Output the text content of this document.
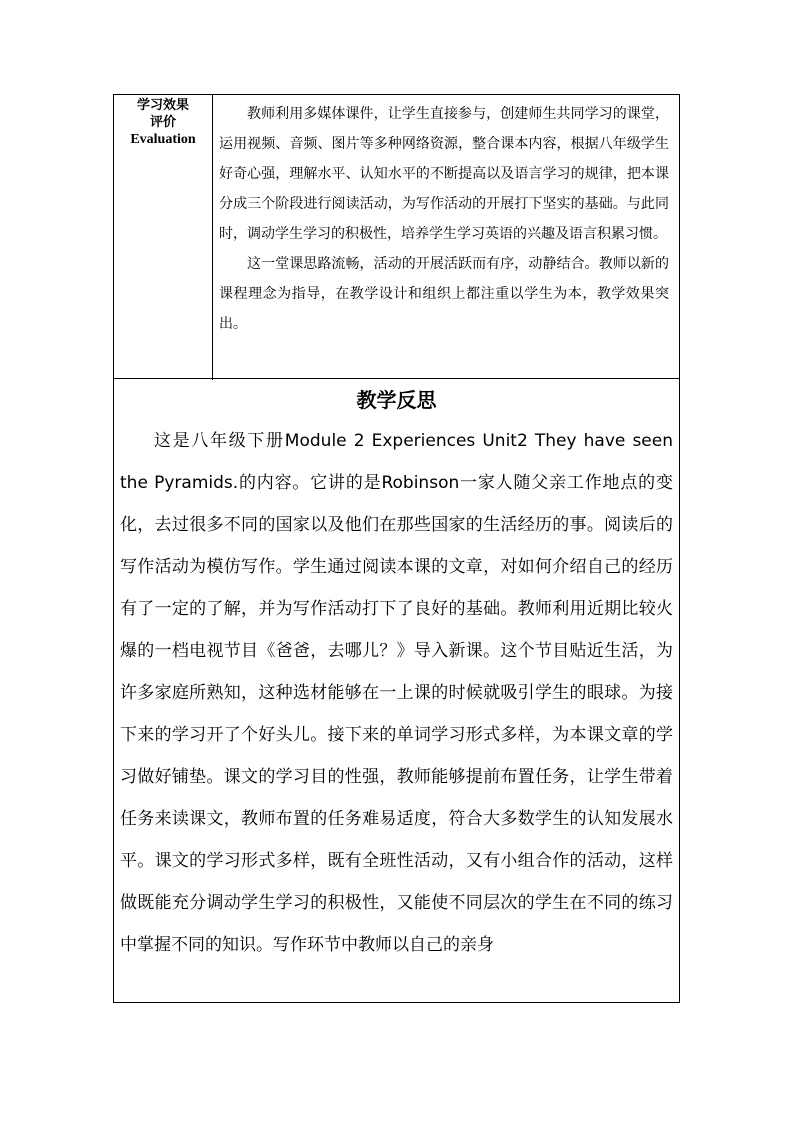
学习效果
评价
Evaluation

教师利用多媒体课件，让学生直接参与，创建师生共同学习的课堂，运用视频、音频、图片等多种网络资源，整合课本内容，根据八年级学生好奇心强，理解水平、认知水平的不断提高以及语言学习的规律，把本课分成三个阶段进行阅读活动，为写作活动的开展打下坚实的基础。与此同时，调动学生学习的积极性，培养学生学习英语的兴趣及语言积累习惯。

这一堂课思路流畅，活动的开展活跃而有序，动静结合。教师以新的课程理念为指导，在教学设计和组织上都注重以学生为本，教学效果突出。

教学反思

这是八年级下册Module 2 Experiences Unit2 They have seen the Pyramids.的内容。它讲的是Robinson一家人随父亲工作地点的变化，去过很多不同的国家以及他们在那些国家的生活经历的事。阅读后的写作活动为模仿写作。学生通过阅读本课的文章，对如何介绍自己的经历有了一定的了解，并为写作活动打下了良好的基础。教师利用近期比较火爆的一档电视节目《爸爸，去哪儿？》导入新课。这个节目贴近生活，为许多家庭所熟知，这种选材能够在一上课的时候就吸引学生的眼球。为接下来的学习开了个好头儿。接下来的单词学习形式多样，为本课文章的学习做好铺垫。课文的学习目的性强，教师能够提前布置任务，让学生带着任务来读课文，教师布置的任务难易适度，符合大多数学生的认知发展水平。课文的学习形式多样，既有全班性活动，又有小组合作的活动，这样做既能充分调动学生学习的积极性，又能使不同层次的学生在不同的练习中掌握不同的知识。写作环节中教师以自己的亲身
